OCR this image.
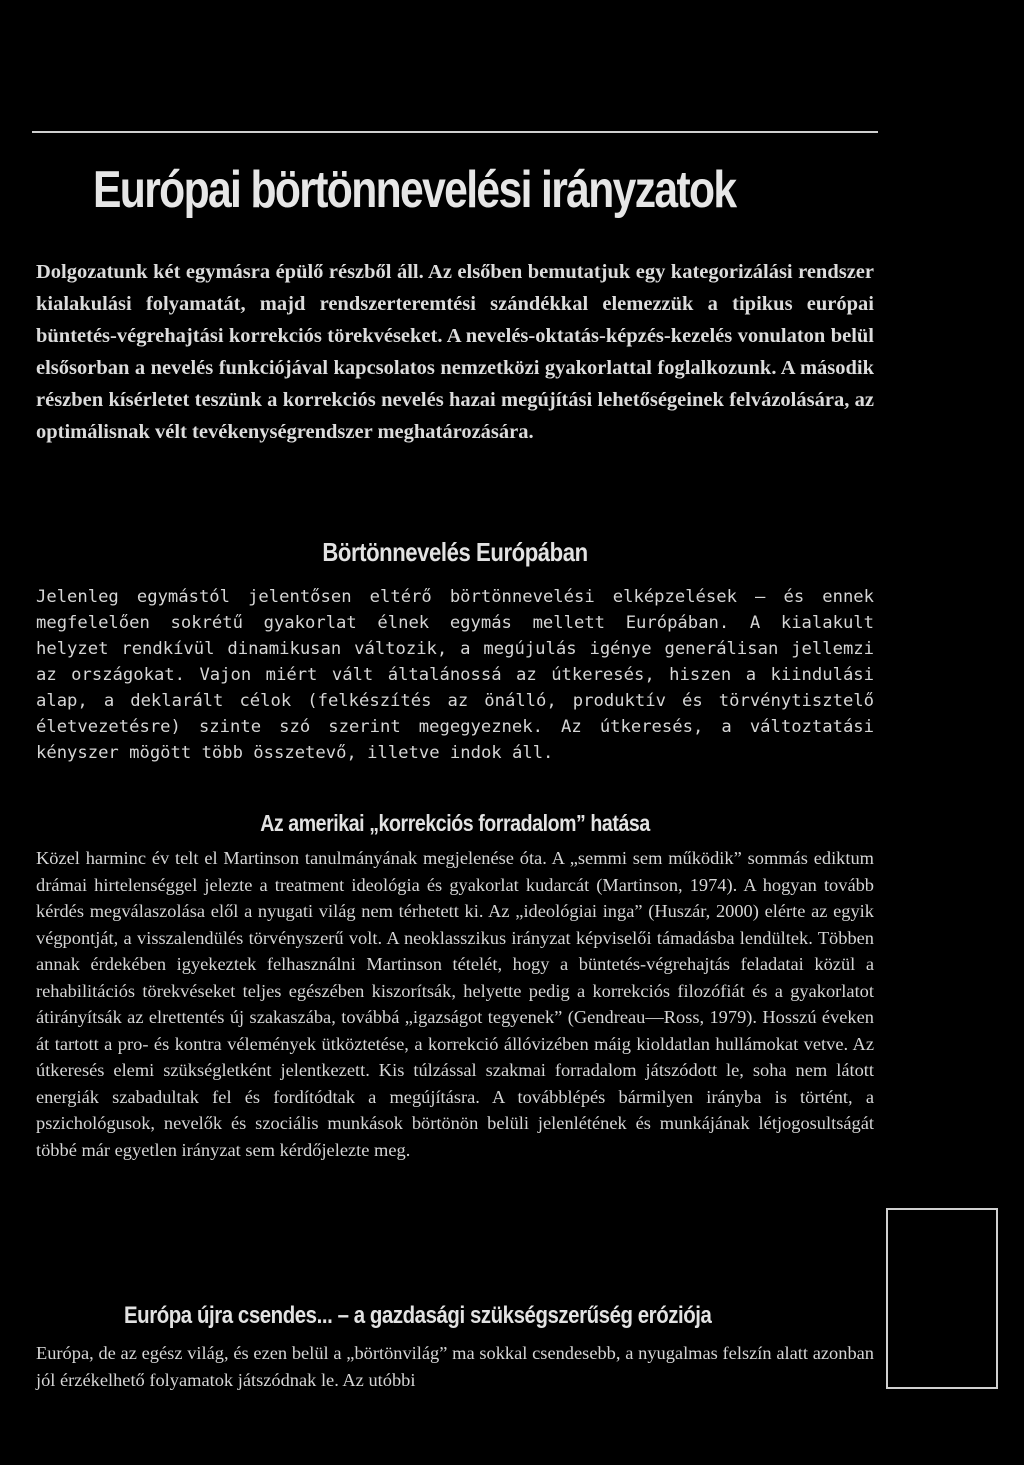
Európai börtönnevelési irányzatok

Dolgozatunk két egymásra épülő részből áll. Az elsőben bemutatjuk egy kategorizálási rendszer kialakulási folyamatát, majd rendszerteremtési szándékkal elemezzük a tipikus európai büntetés-végrehajtási korrekciós törekvéseket. A nevelés-oktatás-képzés-kezelés vonulaton belül elsősorban a nevelés funkciójával kapcsolatos nemzetközi gyakorlattal foglalkozunk. A második részben kísérletet teszünk a korrekciós nevelés hazai megújítási lehetőségeinek felvázolására, az optimálisnak vélt tevékenységrendszer meghatározására.

Börtönnevelés Európában

Jelenleg egymástól jelentősen eltérő börtönnevelési elképzelések – és ennek megfelelően sokrétű gyakorlat élnek egymás mellett Európában. A kialakult helyzet rendkívül dinamikusan változik, a megújulás igénye generálisan jellemzi az országokat. Vajon miért vált általánossá az útkeresés, hiszen a kiindulási alap, a deklarált célok (felkészítés az önálló, produktív és törvénytisztelő életvezetésre) szinte szó szerint megegyeznek. Az útkeresés, a változtatási kényszer mögött több összetevő, illetve indok áll.

Az amerikai „korrekciós forradalom” hatása

Közel harminc év telt el Martinson tanulmányának megjelenése óta. A „semmi sem működik” sommás ediktum drámai hirtelenséggel jelezte a treatment ideológia és gyakorlat kudarcát (Martinson, 1974). A hogyan tovább kérdés megválaszolása elől a nyugati világ nem térhetett ki. Az „ideológiai inga” (Huszár, 2000) elérte az egyik végpontját, a visszalendülés törvényszerű volt. A neoklasszikus irányzat képviselői támadásba lendültek. Többen annak érdekében igyekeztek felhasználni Martinson tételét, hogy a büntetés-végrehajtás feladatai közül a rehabilitációs törekvéseket teljes egészében kiszorítsák, helyette pedig a korrekciós filozófiát és a gyakorlatot átirányítsák az elrettentés új szakaszába, továbbá „igazságot tegyenek” (Gendreau—Ross, 1979). Hosszú éveken át tartott a pro- és kontra vélemények ütköztetése, a korrekció állóvizében máig kioldatlan hullámokat vetve. Az útkeresés elemi szükségletként jelentkezett. Kis túlzással szakmai forradalom játszódott le, soha nem látott energiák szabadultak fel és fordítódtak a megújításra. A továbblépés bármilyen irányba is történt, a pszichológusok, nevelők és szociális munkások börtönön belüli jelenlétének és munkájának létjogosultságát többé már egyetlen irányzat sem kérdőjelezte meg.

Európa újra csendes... – a gazdasági szükségszerűség eróziója

Európa, de az egész világ, és ezen belül a „börtönvilág” ma sokkal csendesebb, a nyugalmas felszín alatt azonban jól érzékelhető folyamatok játszódnak le. Az utóbbi
